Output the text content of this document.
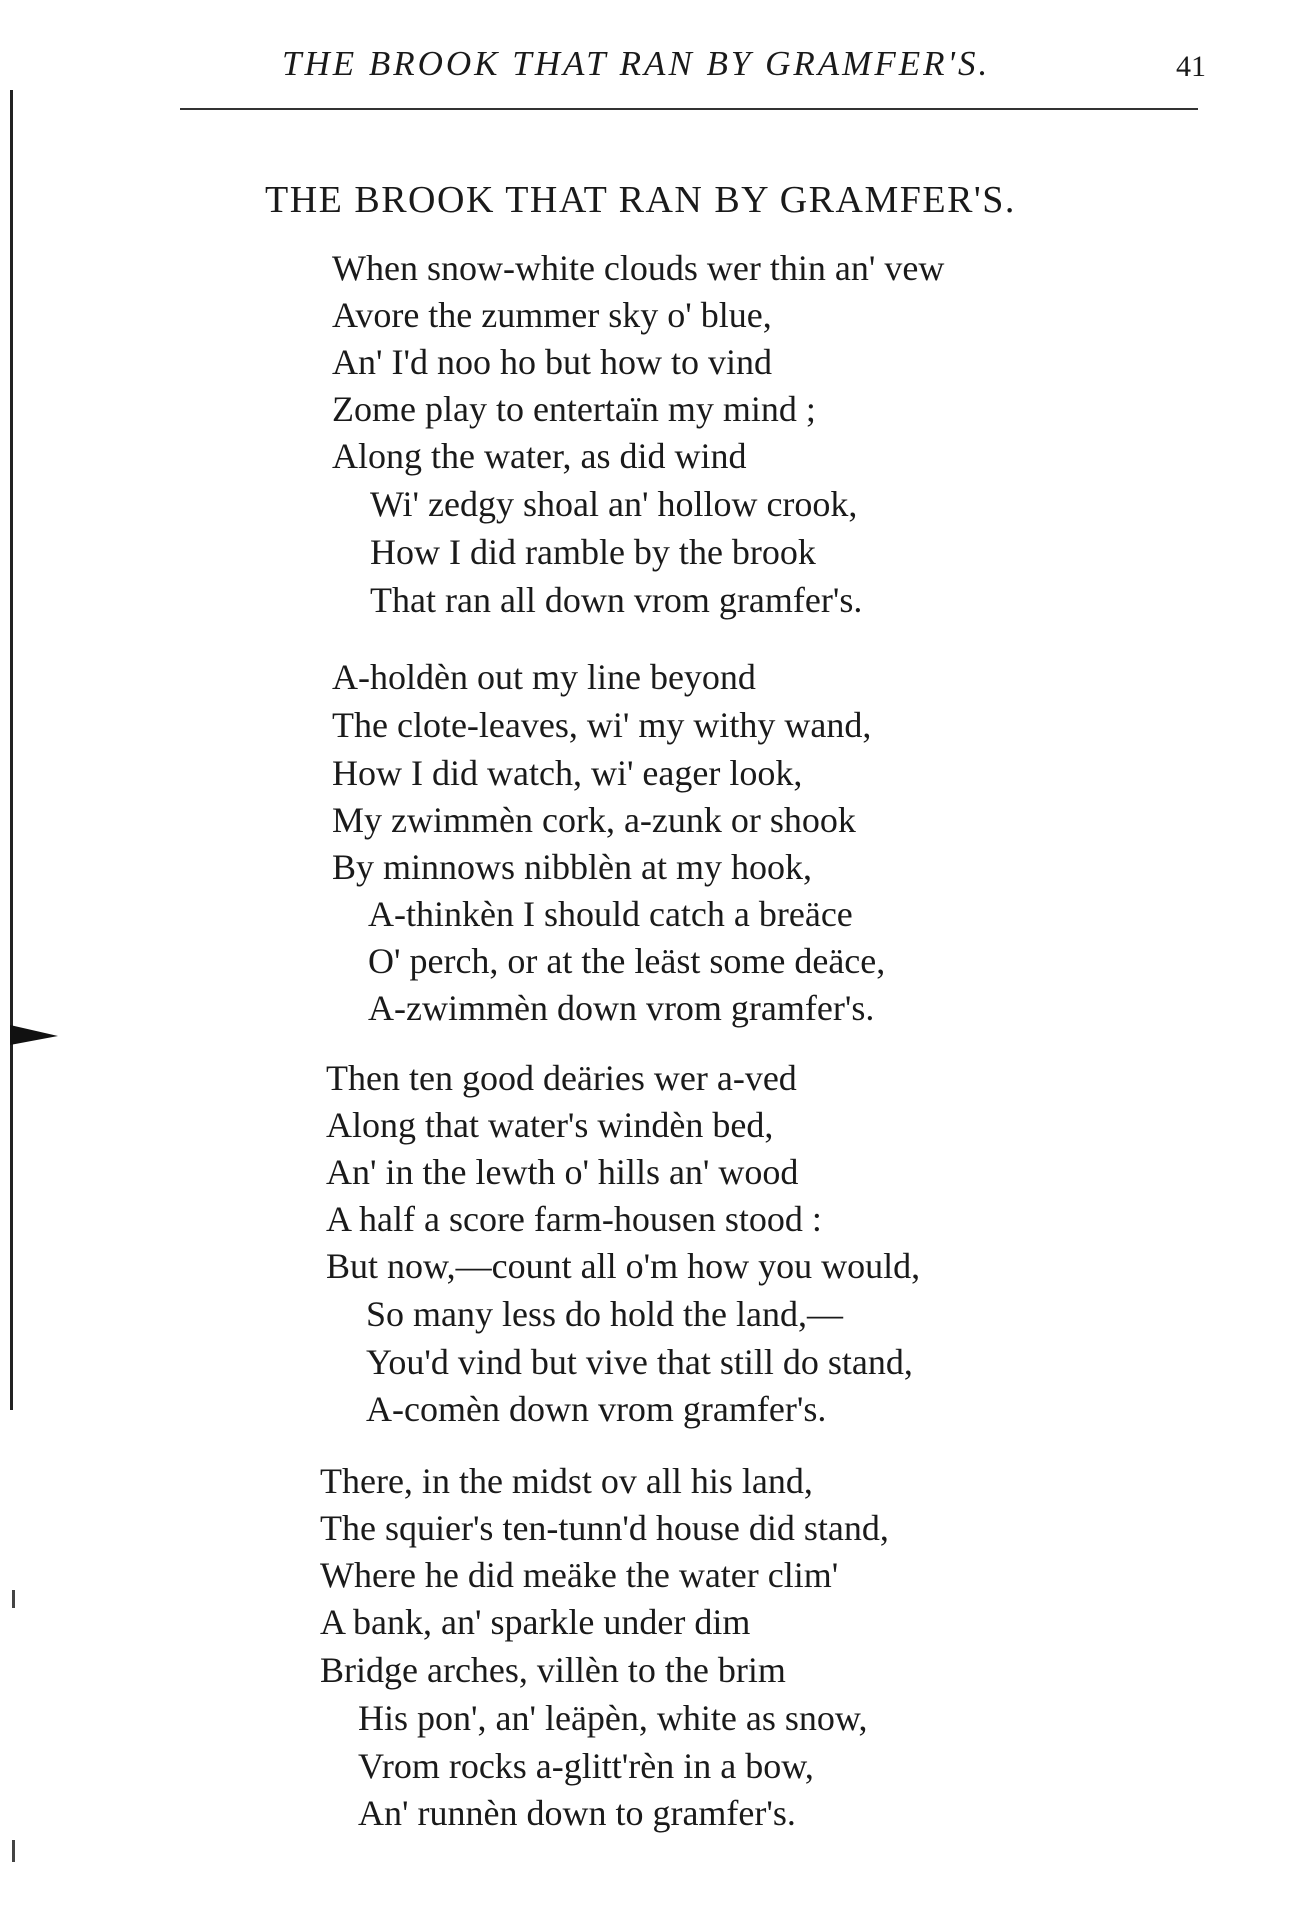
THE BROOK THAT RAN BY GRAMFER'S.	41
THE BROOK THAT RAN BY GRAMFER'S.
When snow-white clouds wer thin an' vew
Avore the zummer sky o' blue,
An' I'd noo ho but how to vind
Zome play to entertaïn my mind ;
Along the water, as did wind
Wi' zedgy shoal an' hollow crook,
How I did ramble by the brook
That ran all down vrom gramfer's.
A-holdèn out my line beyond
The clote-leaves, wi' my withy wand,
How I did watch, wi' eager look,
My zwimmèn cork, a-zunk or shook
By minnows nibblèn at my hook,
A-thinkèn I should catch a breäce
O' perch, or at the leäst some deäce,
A-zwimmèn down vrom gramfer's.
Then ten good deäries wer a-ved
Along that water's windèn bed,
An' in the lewth o' hills an' wood
A half a score farm-housen stood :
But now,—count all o'm how you would,
So many less do hold the land,—
You'd vind but vive that still do stand,
A-comèn down vrom gramfer's.
There, in the midst ov all his land,
The squier's ten-tunn'd house did stand,
Where he did meäke the water clim'
A bank, an' sparkle under dim
Bridge arches, villèn to the brim
His pon', an' leäpèn, white as snow,
Vrom rocks a-glitt'rèn in a bow,
An' runnèn down to gramfer's.
